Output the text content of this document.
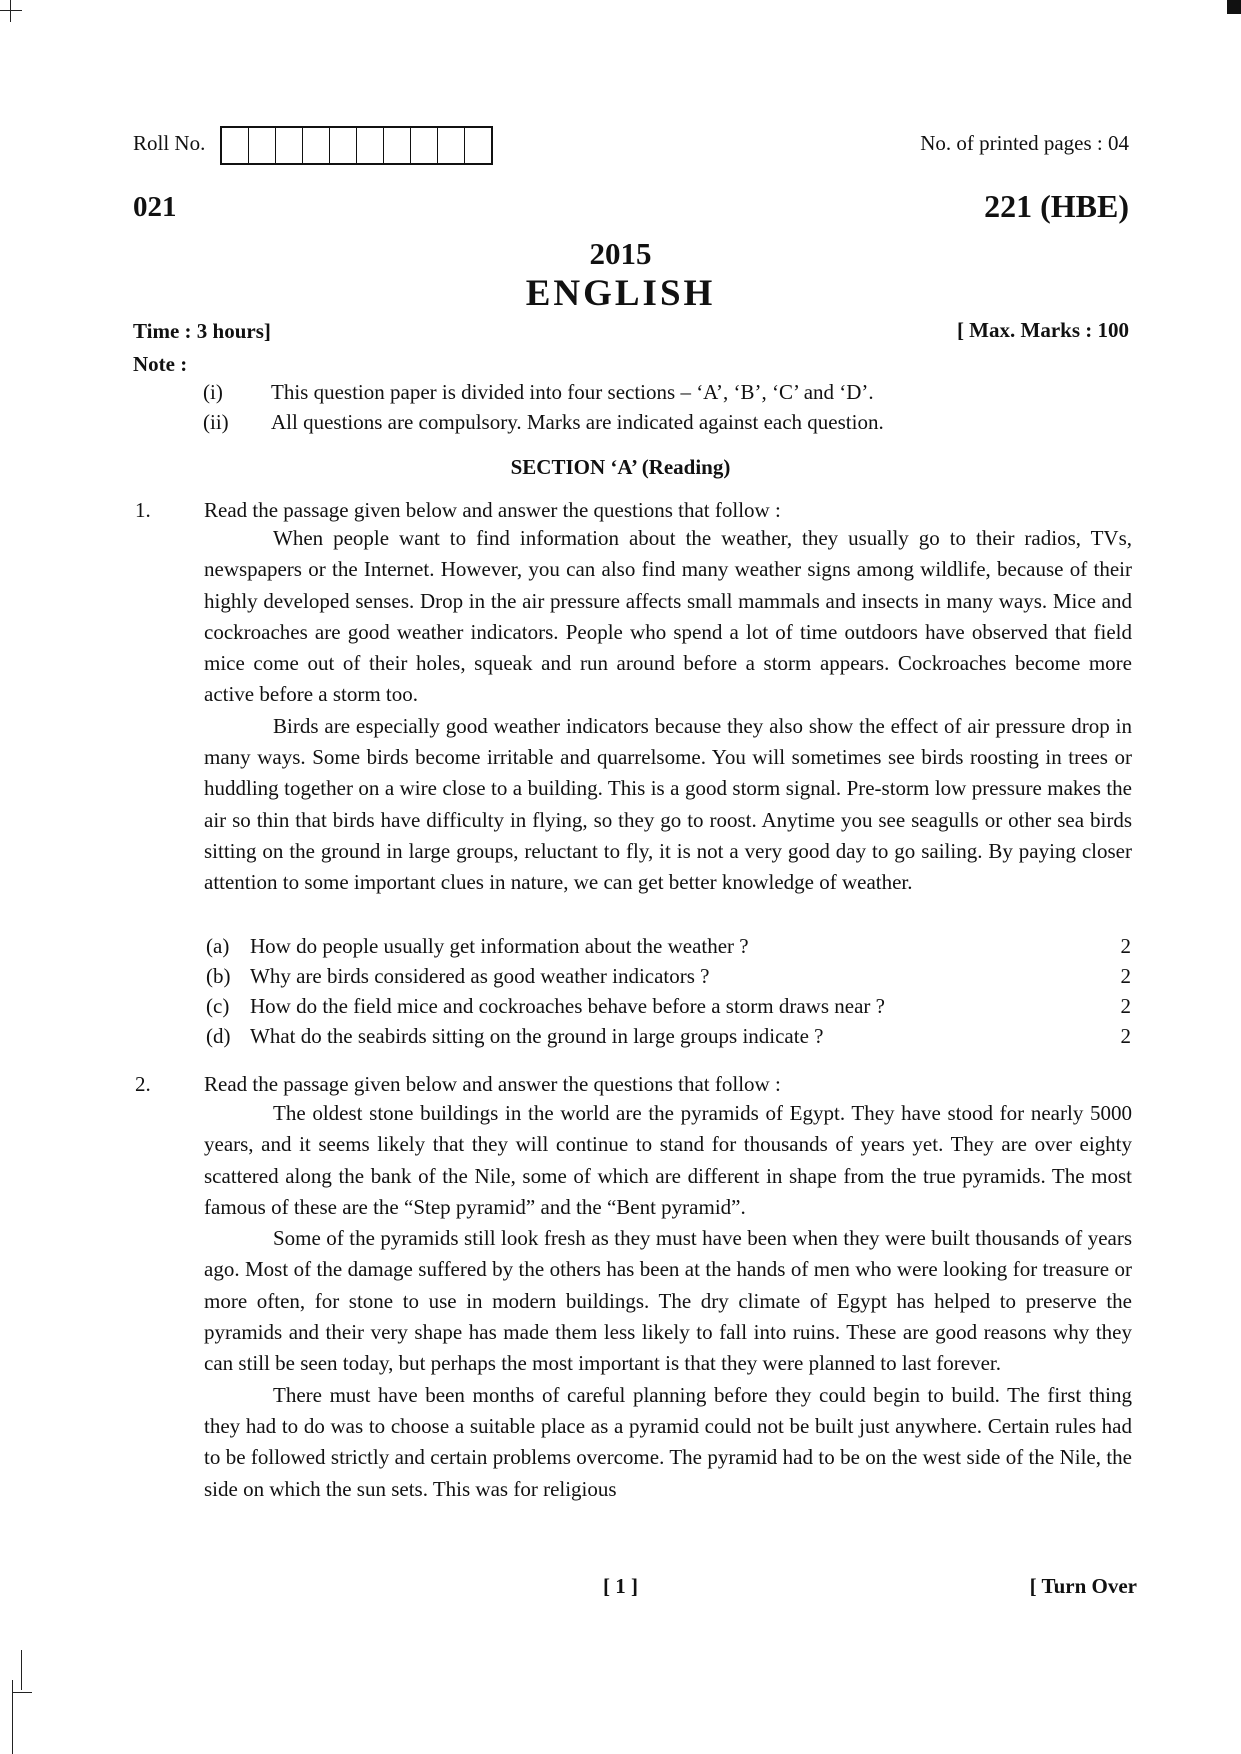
Roll No.	No. of printed pages : 04
021	221 (HBE)
2015
ENGLISH
Time : 3 hours]	[ Max. Marks : 100
Note :
(i) This question paper is divided into four sections – ‘A’, ‘B’, ‘C’ and ‘D’.
(ii) All questions are compulsory. Marks are indicated against each question.
SECTION ‘A’ (Reading)
1.	Read the passage given below and answer the questions that follow :

When people want to find information about the weather, they usually go to their radios, TVs, newspapers or the Internet. However, you can also find many weather signs among wildlife, because of their highly developed senses. Drop in the air pressure affects small mammals and insects in many ways. Mice and cockroaches are good weather indicators. People who spend a lot of time outdoors have observed that field mice come out of their holes, squeak and run around before a storm appears. Cockroaches become more active before a storm too.

Birds are especially good weather indicators because they also show the effect of air pressure drop in many ways. Some birds become irritable and quarrelsome. You will sometimes see birds roosting in trees or huddling together on a wire close to a building. This is a good storm signal. Pre-storm low pressure makes the air so thin that birds have difficulty in flying, so they go to roost. Anytime you see seagulls or other sea birds sitting on the ground in large groups, reluctant to fly, it is not a very good day to go sailing. By paying closer attention to some important clues in nature, we can get better knowledge of weather.

(a) How do people usually get information about the weather ?	2
(b) Why are birds considered as good weather indicators ?	2
(c) How do the field mice and cockroaches behave before a storm draws near ?	2
(d) What do the seabirds sitting on the ground in large groups indicate ?	2
2.	Read the passage given below and answer the questions that follow :

The oldest stone buildings in the world are the pyramids of Egypt. They have stood for nearly 5000 years, and it seems likely that they will continue to stand for thousands of years yet. They are over eighty scattered along the bank of the Nile, some of which are different in shape from the true pyramids. The most famous of these are the “Step pyramid” and the “Bent pyramid”.

Some of the pyramids still look fresh as they must have been when they were built thousands of years ago. Most of the damage suffered by the others has been at the hands of men who were looking for treasure or more often, for stone to use in modern buildings. The dry climate of Egypt has helped to preserve the pyramids and their very shape has made them less likely to fall into ruins. These are good reasons why they can still be seen today, but perhaps the most important is that they were planned to last forever.

There must have been months of careful planning before they could begin to build. The first thing they had to do was to choose a suitable place as a pyramid could not be built just anywhere. Certain rules had to be followed strictly and certain problems overcome. The pyramid had to be on the west side of the Nile, the side on which the sun sets. This was for religious

[ 1 ]	[ Turn Over
